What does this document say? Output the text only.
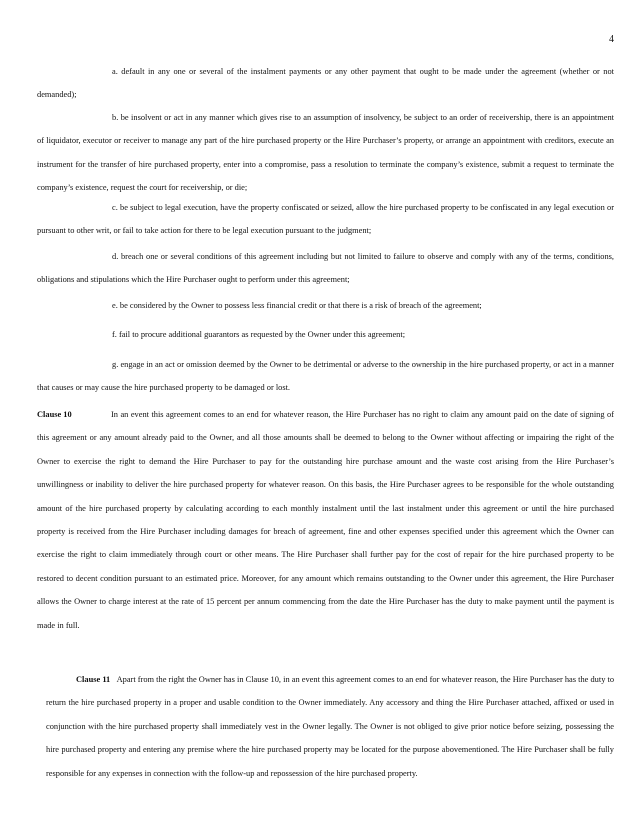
4

a. default in any one or several of the instalment payments or any other payment that ought to be made under the agreement (whether or not demanded);

b. be insolvent or act in any manner which gives rise to an assumption of insolvency, be subject to an order of receivership, there is an appointment of liquidator, executor or receiver to manage any part of the hire purchased property or the Hire Purchaser’s property, or arrange an appointment with creditors, execute an instrument for the transfer of hire purchased property, enter into a compromise, pass a resolution to terminate the company’s existence, submit a request to terminate the company’s existence, request the court for receivership, or die;

c. be subject to legal execution, have the property confiscated or seized, allow the hire purchased property to be confiscated in any legal execution or pursuant to other writ, or fail to take action for there to be legal execution pursuant to the judgment;

d. breach one or several conditions of this agreement including but not limited to failure to observe and comply with any of the terms, conditions, obligations and stipulations which the Hire Purchaser ought to perform under this agreement;

e. be considered by the Owner to possess less financial credit or that there is a risk of breach of the agreement;

f. fail to procure additional guarantors as requested by the Owner under this agreement;

g. engage in an act or omission deemed by the Owner to be detrimental or adverse to the ownership in the hire purchased property, or act in a manner that causes or may cause the hire purchased property to be damaged or lost.

Clause 10	In an event this agreement comes to an end for whatever reason, the Hire Purchaser has no right to claim any amount paid on the date of signing of this agreement or any amount already paid to the Owner, and all those amounts shall be deemed to belong to the Owner without affecting or impairing the right of the Owner to exercise the right to demand the Hire Purchaser to pay for the outstanding hire purchase amount and the waste cost arising from the Hire Purchaser’s unwillingness or inability to deliver the hire purchased property for whatever reason. On this basis, the Hire Purchaser agrees to be responsible for the whole outstanding amount of the hire purchased property by calculating according to each monthly instalment until the last instalment under this agreement or until the hire purchased property is received from the Hire Purchaser including damages for breach of agreement, fine and other expenses specified under this agreement which the Owner can exercise the right to claim immediately through court or other means. The Hire Purchaser shall further pay for the cost of repair for the hire purchased property to be restored to decent condition pursuant to an estimated price. Moreover, for any amount which remains outstanding to the Owner under this agreement, the Hire Purchaser allows the Owner to charge interest at the rate of 15 percent per annum commencing from the date the Hire Purchaser has the duty to make payment until the payment is made in full.

Clause 11 Apart from the right the Owner has in Clause 10, in an event this agreement comes to an end for whatever reason, the Hire Purchaser has the duty to return the hire purchased property in a proper and usable condition to the Owner immediately. Any accessory and thing the Hire Purchaser attached, affixed or used in conjunction with the hire purchased property shall immediately vest in the Owner legally. The Owner is not obliged to give prior notice before seizing, possessing the hire purchased property and entering any premise where the hire purchased property may be located for the purpose abovementioned. The Hire Purchaser shall be fully responsible for any expenses in connection with the follow-up and repossession of the hire purchased property.
